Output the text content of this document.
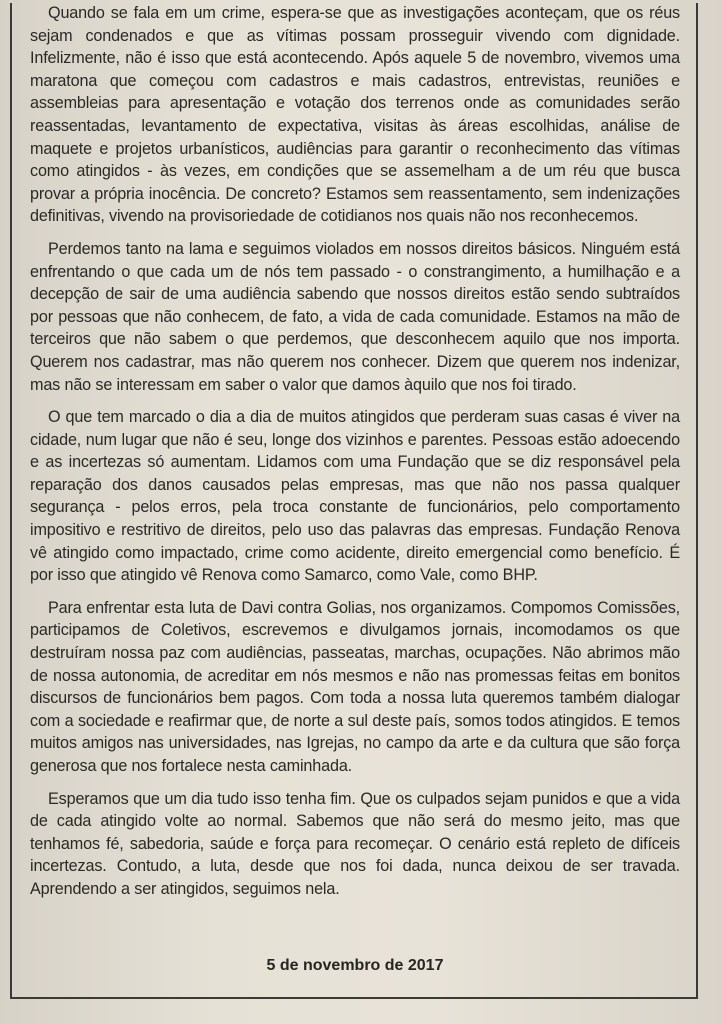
Quando se fala em um crime, espera-se que as investigações aconteçam, que os réus sejam condenados e que as vítimas possam prosseguir vivendo com dignidade. Infelizmente, não é isso que está acontecendo. Após aquele 5 de novembro, vivemos uma maratona que começou com cadastros e mais cadastros, entrevistas, reuniões e assembleias para apresentação e votação dos terrenos onde as comunidades serão reassentadas, levantamento de expectativa, visitas às áreas escolhidas, análise de maquete e projetos urbanísticos, audiências para garantir o reconhecimento das vítimas como atingidos - às vezes, em condições que se assemelham a de um réu que busca provar a própria inocência. De concreto? Estamos sem reassentamento, sem indenizações definitivas, vivendo na provisoriedade de cotidianos nos quais não nos reconhecemos.

Perdemos tanto na lama e seguimos violados em nossos direitos básicos. Ninguém está enfrentando o que cada um de nós tem passado - o constrangimento, a humilhação e a decepção de sair de uma audiência sabendo que nossos direitos estão sendo subtraídos por pessoas que não conhecem, de fato, a vida de cada comunidade. Estamos na mão de terceiros que não sabem o que perdemos, que desconhecem aquilo que nos importa. Querem nos cadastrar, mas não querem nos conhecer. Dizem que querem nos indenizar, mas não se interessam em saber o valor que damos àquilo que nos foi tirado.

O que tem marcado o dia a dia de muitos atingidos que perderam suas casas é viver na cidade, num lugar que não é seu, longe dos vizinhos e parentes. Pessoas estão adoecendo e as incertezas só aumentam. Lidamos com uma Fundação que se diz responsável pela reparação dos danos causados pelas empresas, mas que não nos passa qualquer segurança - pelos erros, pela troca constante de funcionários, pelo comportamento impositivo e restritivo de direitos, pelo uso das palavras das empresas. Fundação Renova vê atingido como impactado, crime como acidente, direito emergencial como benefício. É por isso que atingido vê Renova como Samarco, como Vale, como BHP.

Para enfrentar esta luta de Davi contra Golias, nos organizamos. Compomos Comissões, participamos de Coletivos, escrevemos e divulgamos jornais, incomodamos os que destruíram nossa paz com audiências, passeatas, marchas, ocupações. Não abrimos mão de nossa autonomia, de acreditar em nós mesmos e não nas promessas feitas em bonitos discursos de funcionários bem pagos. Com toda a nossa luta queremos também dialogar com a sociedade e reafirmar que, de norte a sul deste país, somos todos atingidos. E temos muitos amigos nas universidades, nas Igrejas, no campo da arte e da cultura que são força generosa que nos fortalece nesta caminhada.

Esperamos que um dia tudo isso tenha fim. Que os culpados sejam punidos e que a vida de cada atingido volte ao normal. Sabemos que não será do mesmo jeito, mas que tenhamos fé, sabedoria, saúde e força para recomeçar. O cenário está repleto de difíceis incertezas. Contudo, a luta, desde que nos foi dada, nunca deixou de ser travada. Aprendendo a ser atingidos, seguimos nela.

5 de novembro de 2017
